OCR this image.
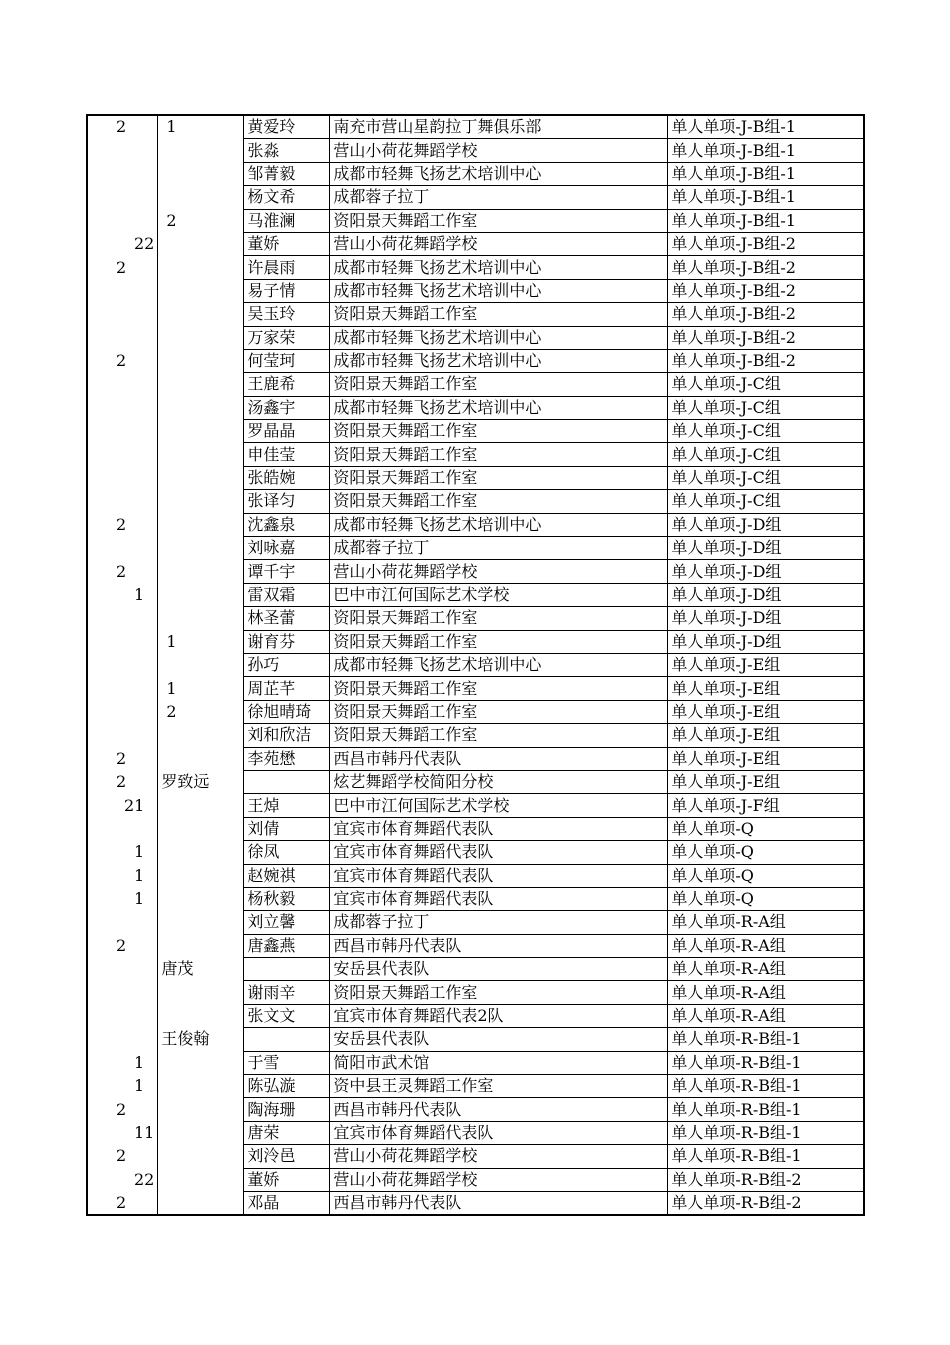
2	1	黄爱玲	南充市营山星韵拉丁舞俱乐部	单人单项-J-B组-1
		张淼	营山小荷花舞蹈学校	单人单项-J-B组-1
		邹菁毅	成都市轻舞飞扬艺术培训中心	单人单项-J-B组-1
		杨文希	成都蓉子拉丁	单人单项-J-B组-1
	2	马淮澜	资阳景天舞蹈工作室	单人单项-J-B组-1
22		董娇	营山小荷花舞蹈学校	单人单项-J-B组-2
2		许晨雨	成都市轻舞飞扬艺术培训中心	单人单项-J-B组-2
		易子情	成都市轻舞飞扬艺术培训中心	单人单项-J-B组-2
		吴玉玲	资阳景天舞蹈工作室	单人单项-J-B组-2
		万家荣	成都市轻舞飞扬艺术培训中心	单人单项-J-B组-2
2		何莹珂	成都市轻舞飞扬艺术培训中心	单人单项-J-B组-2
		王鹿希	资阳景天舞蹈工作室	单人单项-J-C组
		汤鑫宇	成都市轻舞飞扬艺术培训中心	单人单项-J-C组
		罗晶晶	资阳景天舞蹈工作室	单人单项-J-C组
		申佳莹	资阳景天舞蹈工作室	单人单项-J-C组
		张皓婉	资阳景天舞蹈工作室	单人单项-J-C组
		张译匀	资阳景天舞蹈工作室	单人单项-J-C组
2		沈鑫泉	成都市轻舞飞扬艺术培训中心	单人单项-J-D组
		刘咏嘉	成都蓉子拉丁	单人单项-J-D组
2		谭千宇	营山小荷花舞蹈学校	单人单项-J-D组
1		雷双霜	巴中市江何国际艺术学校	单人单项-J-D组
		林圣蕾	资阳景天舞蹈工作室	单人单项-J-D组
	1	谢育芬	资阳景天舞蹈工作室	单人单项-J-D组
		孙巧	成都市轻舞飞扬艺术培训中心	单人单项-J-E组
	1	周芷芊	资阳景天舞蹈工作室	单人单项-J-E组
	2	徐旭晴琦	资阳景天舞蹈工作室	单人单项-J-E组
		刘和欣洁	资阳景天舞蹈工作室	单人单项-J-E组
2		李苑懋	西昌市韩丹代表队	单人单项-J-E组
2	罗致远		炫艺舞蹈学校简阳分校	单人单项-J-E组
21		王焯	巴中市江何国际艺术学校	单人单项-J-F组
		刘倩	宜宾市体育舞蹈代表队	单人单项-Q
1		徐凤	宜宾市体育舞蹈代表队	单人单项-Q
1		赵婉祺	宜宾市体育舞蹈代表队	单人单项-Q
1		杨秋毅	宜宾市体育舞蹈代表队	单人单项-Q
		刘立馨	成都蓉子拉丁	单人单项-R-A组
2		唐鑫燕	西昌市韩丹代表队	单人单项-R-A组
	唐茂		安岳县代表队	单人单项-R-A组
		谢雨辛	资阳景天舞蹈工作室	单人单项-R-A组
		张文文	宜宾市体育舞蹈代表2队	单人单项-R-A组
	王俊翰		安岳县代表队	单人单项-R-B组-1
1		于雪	简阳市武术馆	单人单项-R-B组-1
1		陈弘漩	资中县王灵舞蹈工作室	单人单项-R-B组-1
2		陶海珊	西昌市韩丹代表队	单人单项-R-B组-1
11		唐荣	宜宾市体育舞蹈代表队	单人单项-R-B组-1
2		刘泠邑	营山小荷花舞蹈学校	单人单项-R-B组-1
22		董娇	营山小荷花舞蹈学校	单人单项-R-B组-2
2		邓晶	西昌市韩丹代表队	单人单项-R-B组-2
